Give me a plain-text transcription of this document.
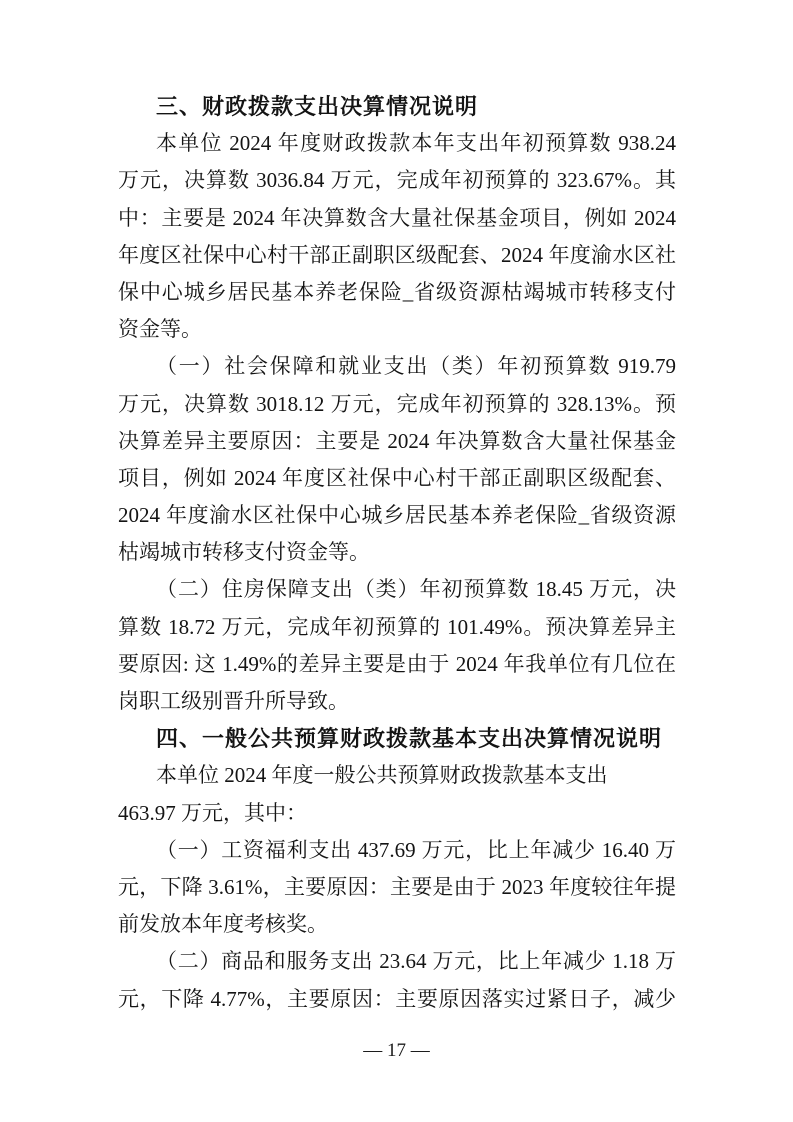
三、财政拨款支出决算情况说明
本单位 2024 年度财政拨款本年支出年初预算数 938.24
万元，决算数 3036.84 万元，完成年初预算的 323.67%。其
中：主要是 2024 年决算数含大量社保基金项目，例如 2024
年度区社保中心村干部正副职区级配套、2024 年度渝水区社
保中心城乡居民基本养老保险_省级资源枯竭城市转移支付
资金等。
（一）社会保障和就业支出（类）年初预算数 919.79
万元，决算数 3018.12 万元，完成年初预算的 328.13%。预
决算差异主要原因：主要是 2024 年决算数含大量社保基金
项目，例如 2024 年度区社保中心村干部正副职区级配套、
2024 年度渝水区社保中心城乡居民基本养老保险_省级资源
枯竭城市转移支付资金等。
（二）住房保障支出（类）年初预算数 18.45 万元，决
算数 18.72 万元，完成年初预算的 101.49%。预决算差异主
要原因: 这 1.49%的差异主要是由于 2024 年我单位有几位在
岗职工级别晋升所导致。
四、一般公共预算财政拨款基本支出决算情况说明
本单位 2024 年度一般公共预算财政拨款基本支出
463.97 万元，其中：
（一）工资福利支出 437.69 万元，比上年减少 16.40 万
元，下降 3.61%，主要原因：主要是由于 2023 年度较往年提
前发放本年度考核奖。
（二）商品和服务支出 23.64 万元，比上年减少 1.18 万
元，下降 4.77%，主要原因：主要原因落实过紧日子，减少
— 17 —
